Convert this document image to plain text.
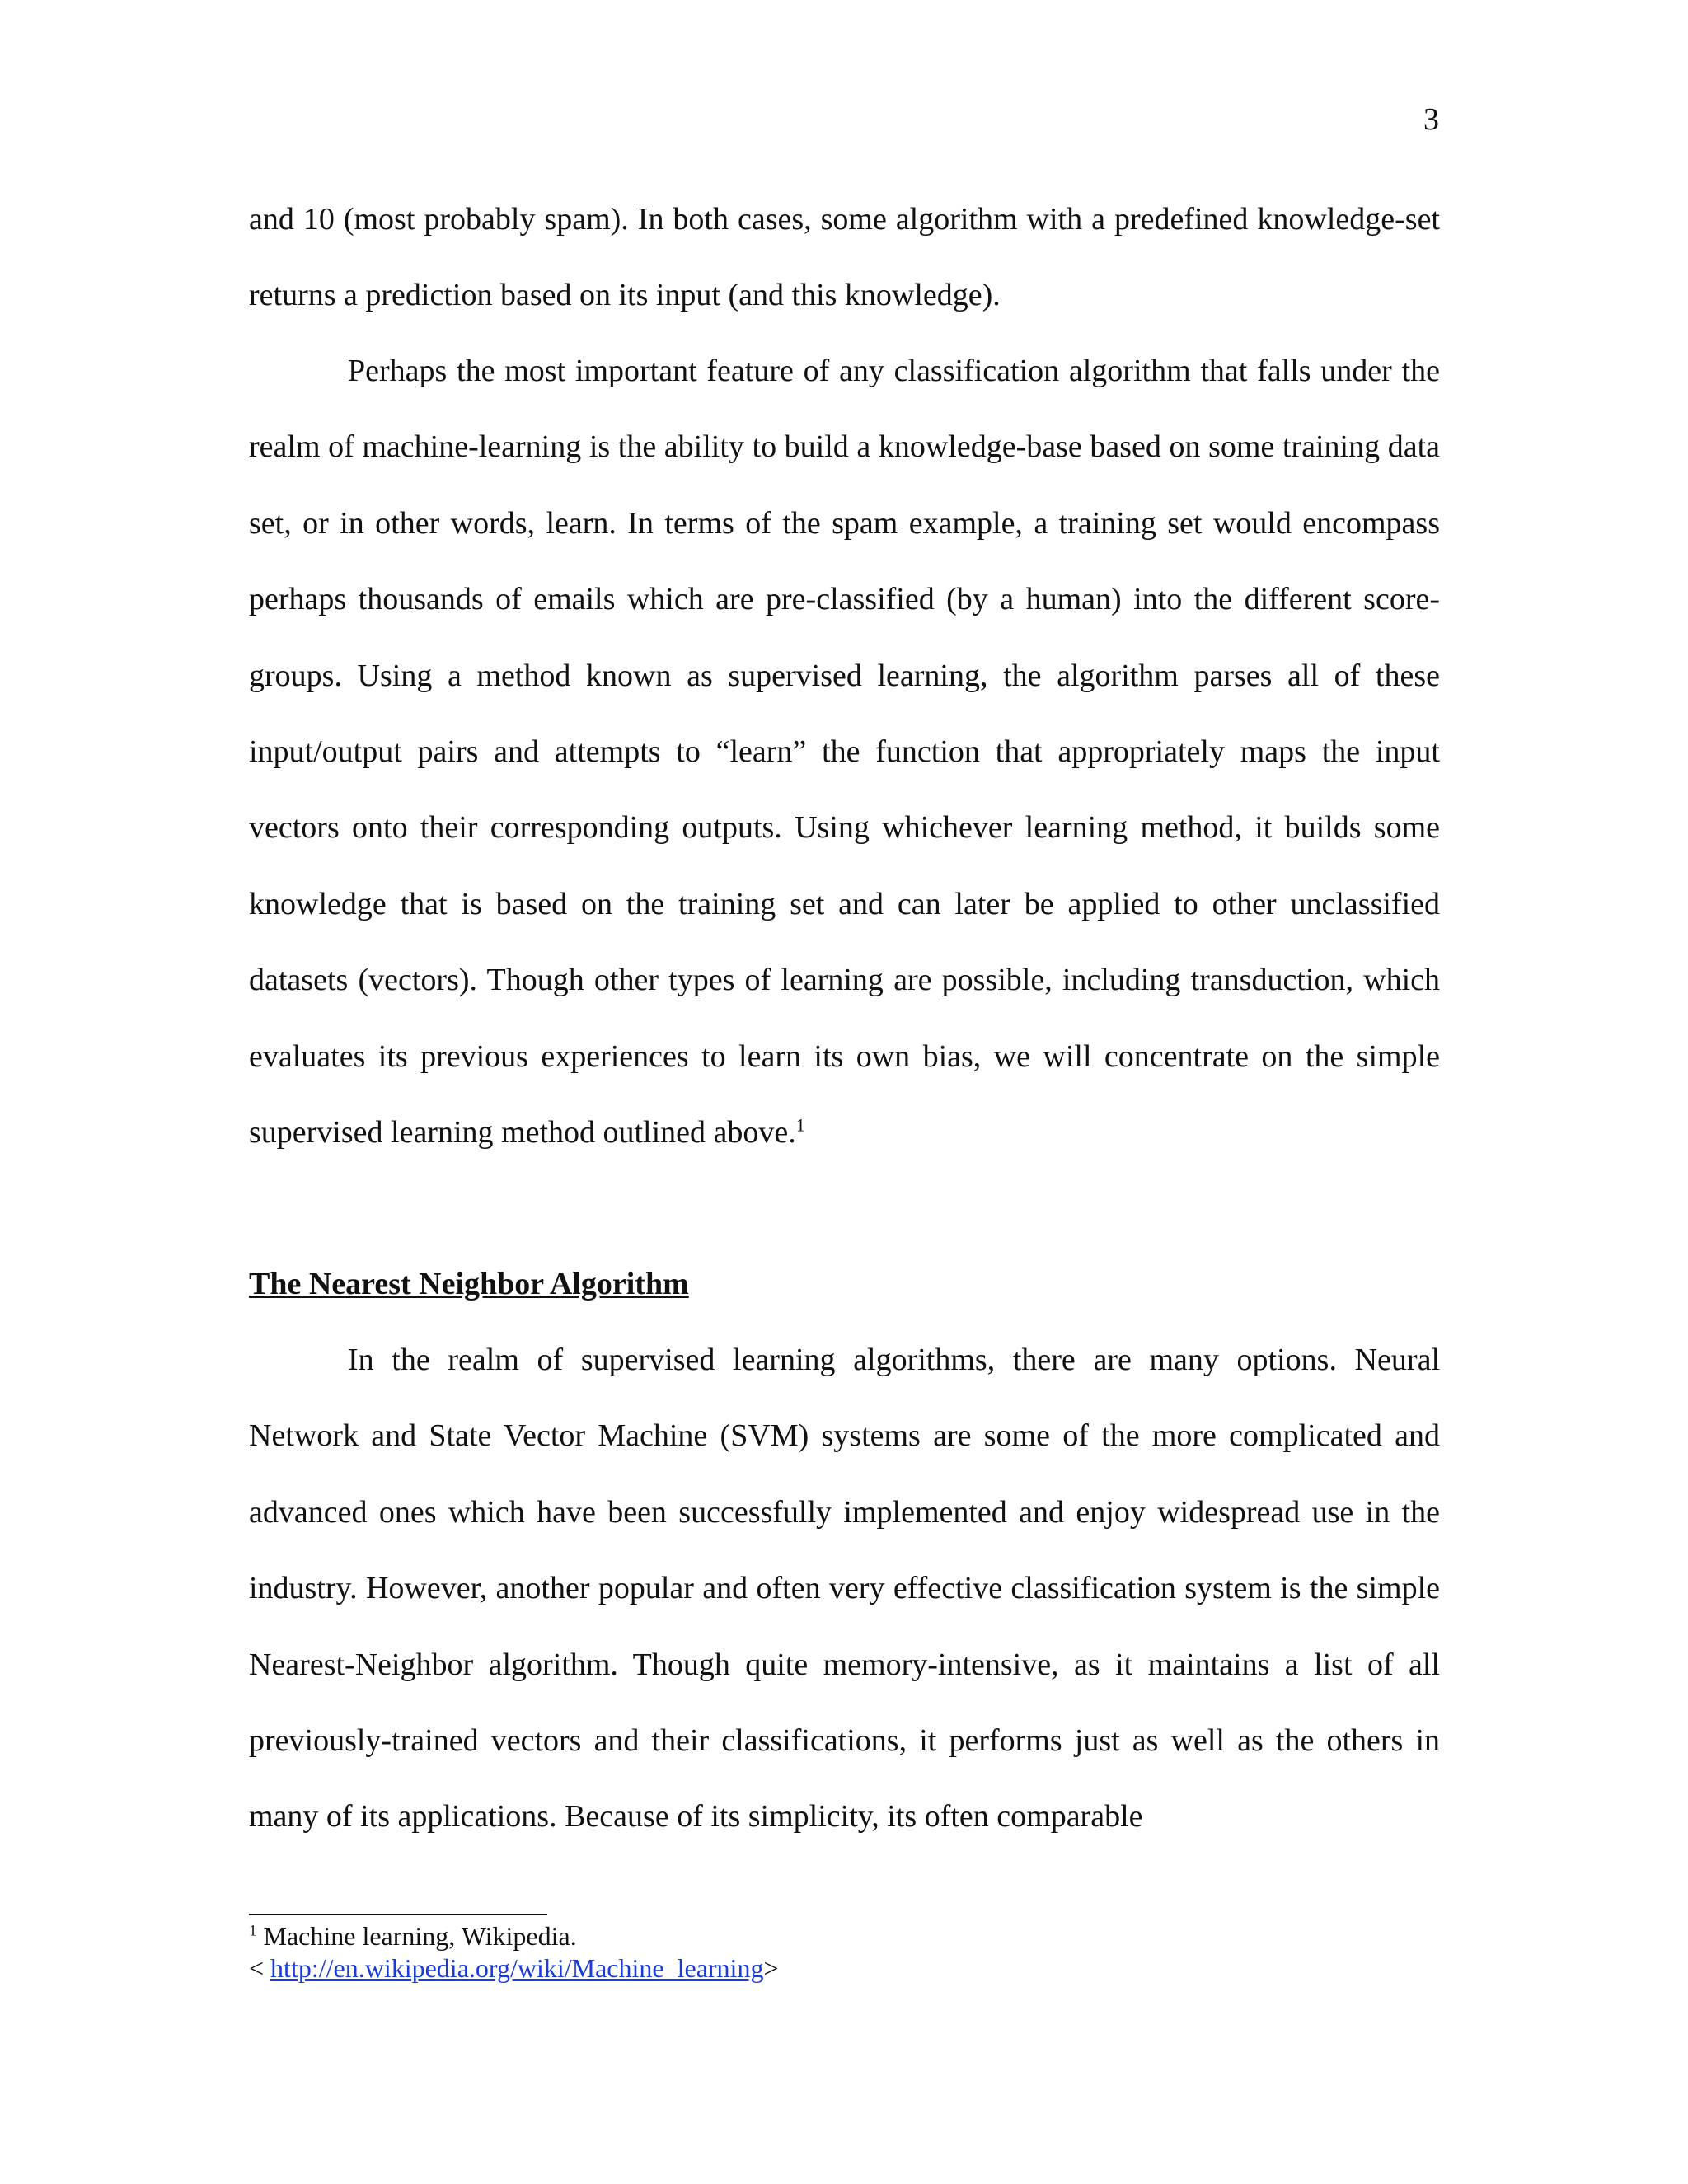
3

and 10 (most probably spam). In both cases, some algorithm with a predefined knowledge-set returns a prediction based on its input (and this knowledge).

Perhaps the most important feature of any classification algorithm that falls under the realm of machine-learning is the ability to build a knowledge-base based on some training data set, or in other words, learn. In terms of the spam example, a training set would encompass perhaps thousands of emails which are pre-classified (by a human) into the different score-groups. Using a method known as supervised learning, the algorithm parses all of these input/output pairs and attempts to “learn” the function that appropriately maps the input vectors onto their corresponding outputs. Using whichever learning method, it builds some knowledge that is based on the training set and can later be applied to other unclassified datasets (vectors). Though other types of learning are possible, including transduction, which evaluates its previous experiences to learn its own bias, we will concentrate on the simple supervised learning method outlined above.$^1$

The Nearest Neighbor Algorithm

In the realm of supervised learning algorithms, there are many options. Neural Network and State Vector Machine (SVM) systems are some of the more complicated and advanced ones which have been successfully implemented and enjoy widespread use in the industry. However, another popular and often very effective classification system is the simple Nearest-Neighbor algorithm. Though quite memory-intensive, as it maintains a list of all previously-trained vectors and their classifications, it performs just as well as the others in many of its applications. Because of its simplicity, its often comparable

$^1$ Machine learning, Wikipedia.
< http://en.wikipedia.org/wiki/Machine_learning>
